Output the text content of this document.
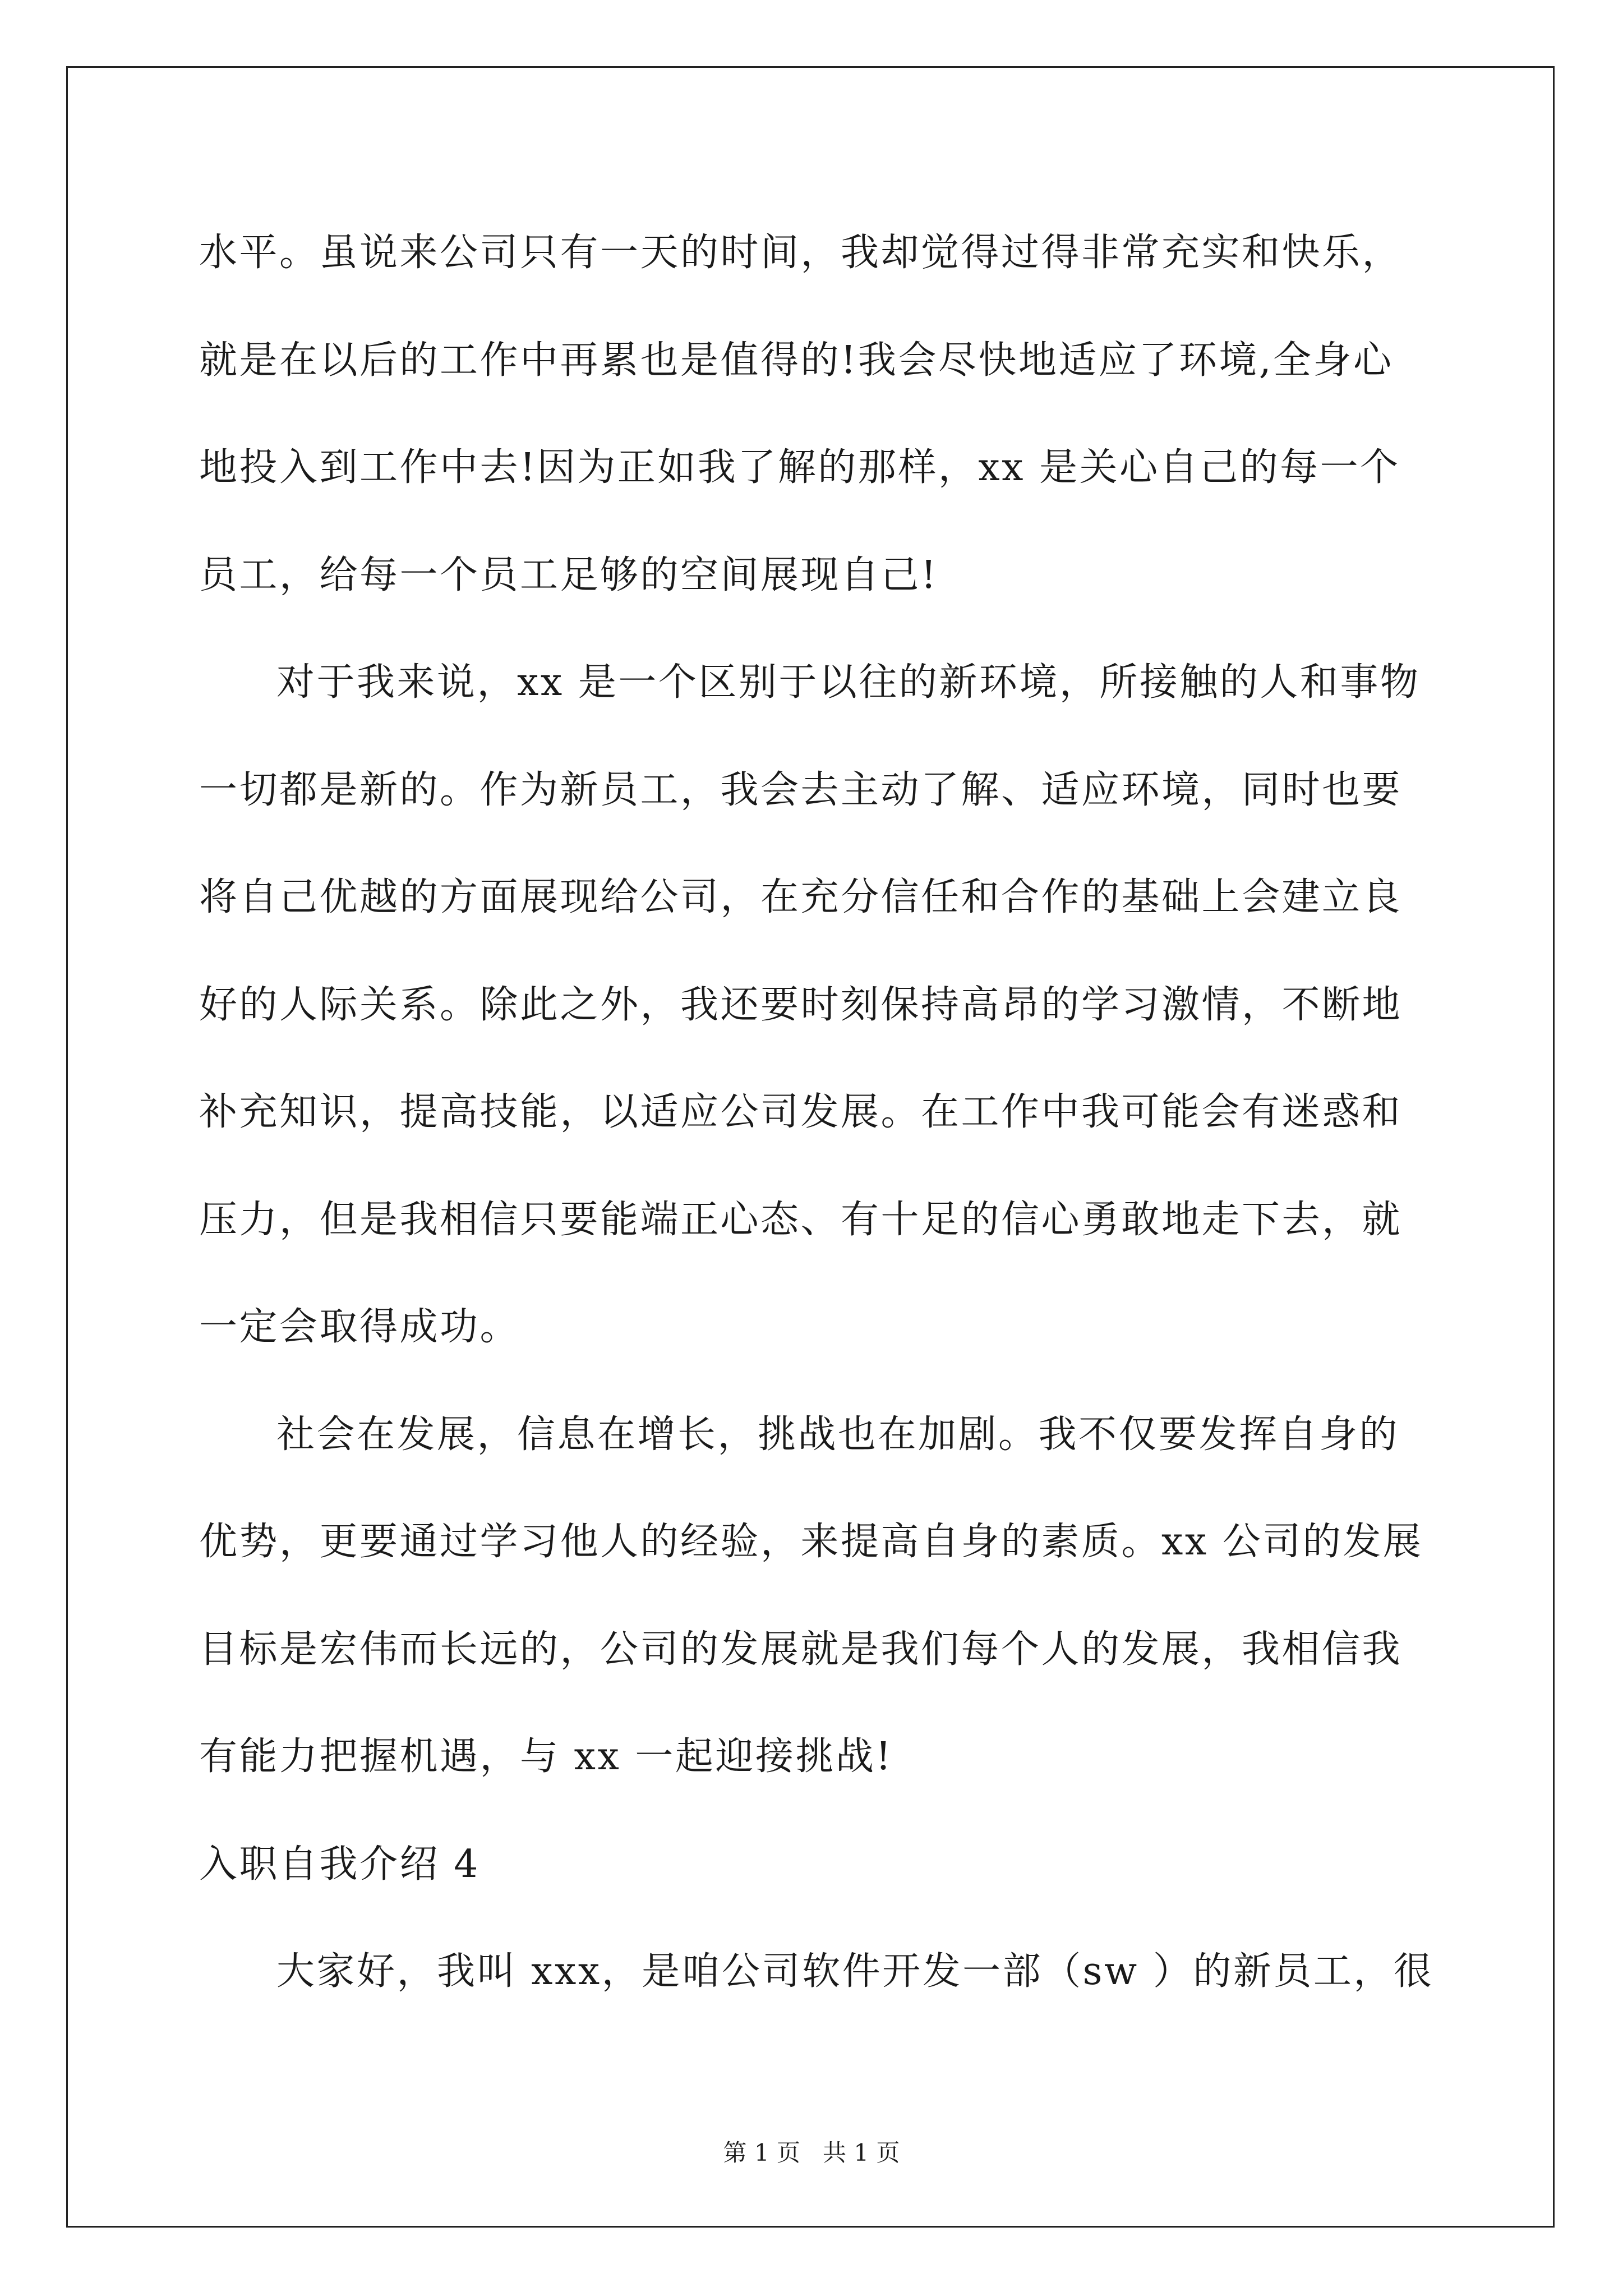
水平。虽说来公司只有一天的时间，我却觉得过得非常充实和快乐，
就是在以后的工作中再累也是值得的!我会尽快地适应了环境,全身心
地投入到工作中去!因为正如我了解的那样，xx 是关心自己的每一个
员工，给每一个员工足够的空间展现自己!
对于我来说，xx 是一个区别于以往的新环境，所接触的人和事物
一切都是新的。作为新员工，我会去主动了解、适应环境，同时也要
将自己优越的方面展现给公司，在充分信任和合作的基础上会建立良
好的人际关系。除此之外，我还要时刻保持高昂的学习激情，不断地
补充知识，提高技能，以适应公司发展。在工作中我可能会有迷惑和
压力，但是我相信只要能端正心态、有十足的信心勇敢地走下去，就
一定会取得成功。
社会在发展，信息在增长，挑战也在加剧。我不仅要发挥自身的
优势，更要通过学习他人的经验，来提高自身的素质。xx 公司的发展
目标是宏伟而长远的，公司的发展就是我们每个人的发展，我相信我
有能力把握机遇，与 xx 一起迎接挑战!
入职自我介绍 4
大家好，我叫 xxx，是咱公司软件开发一部（sw ）的新员工，很
第 1 页   共 1 页
